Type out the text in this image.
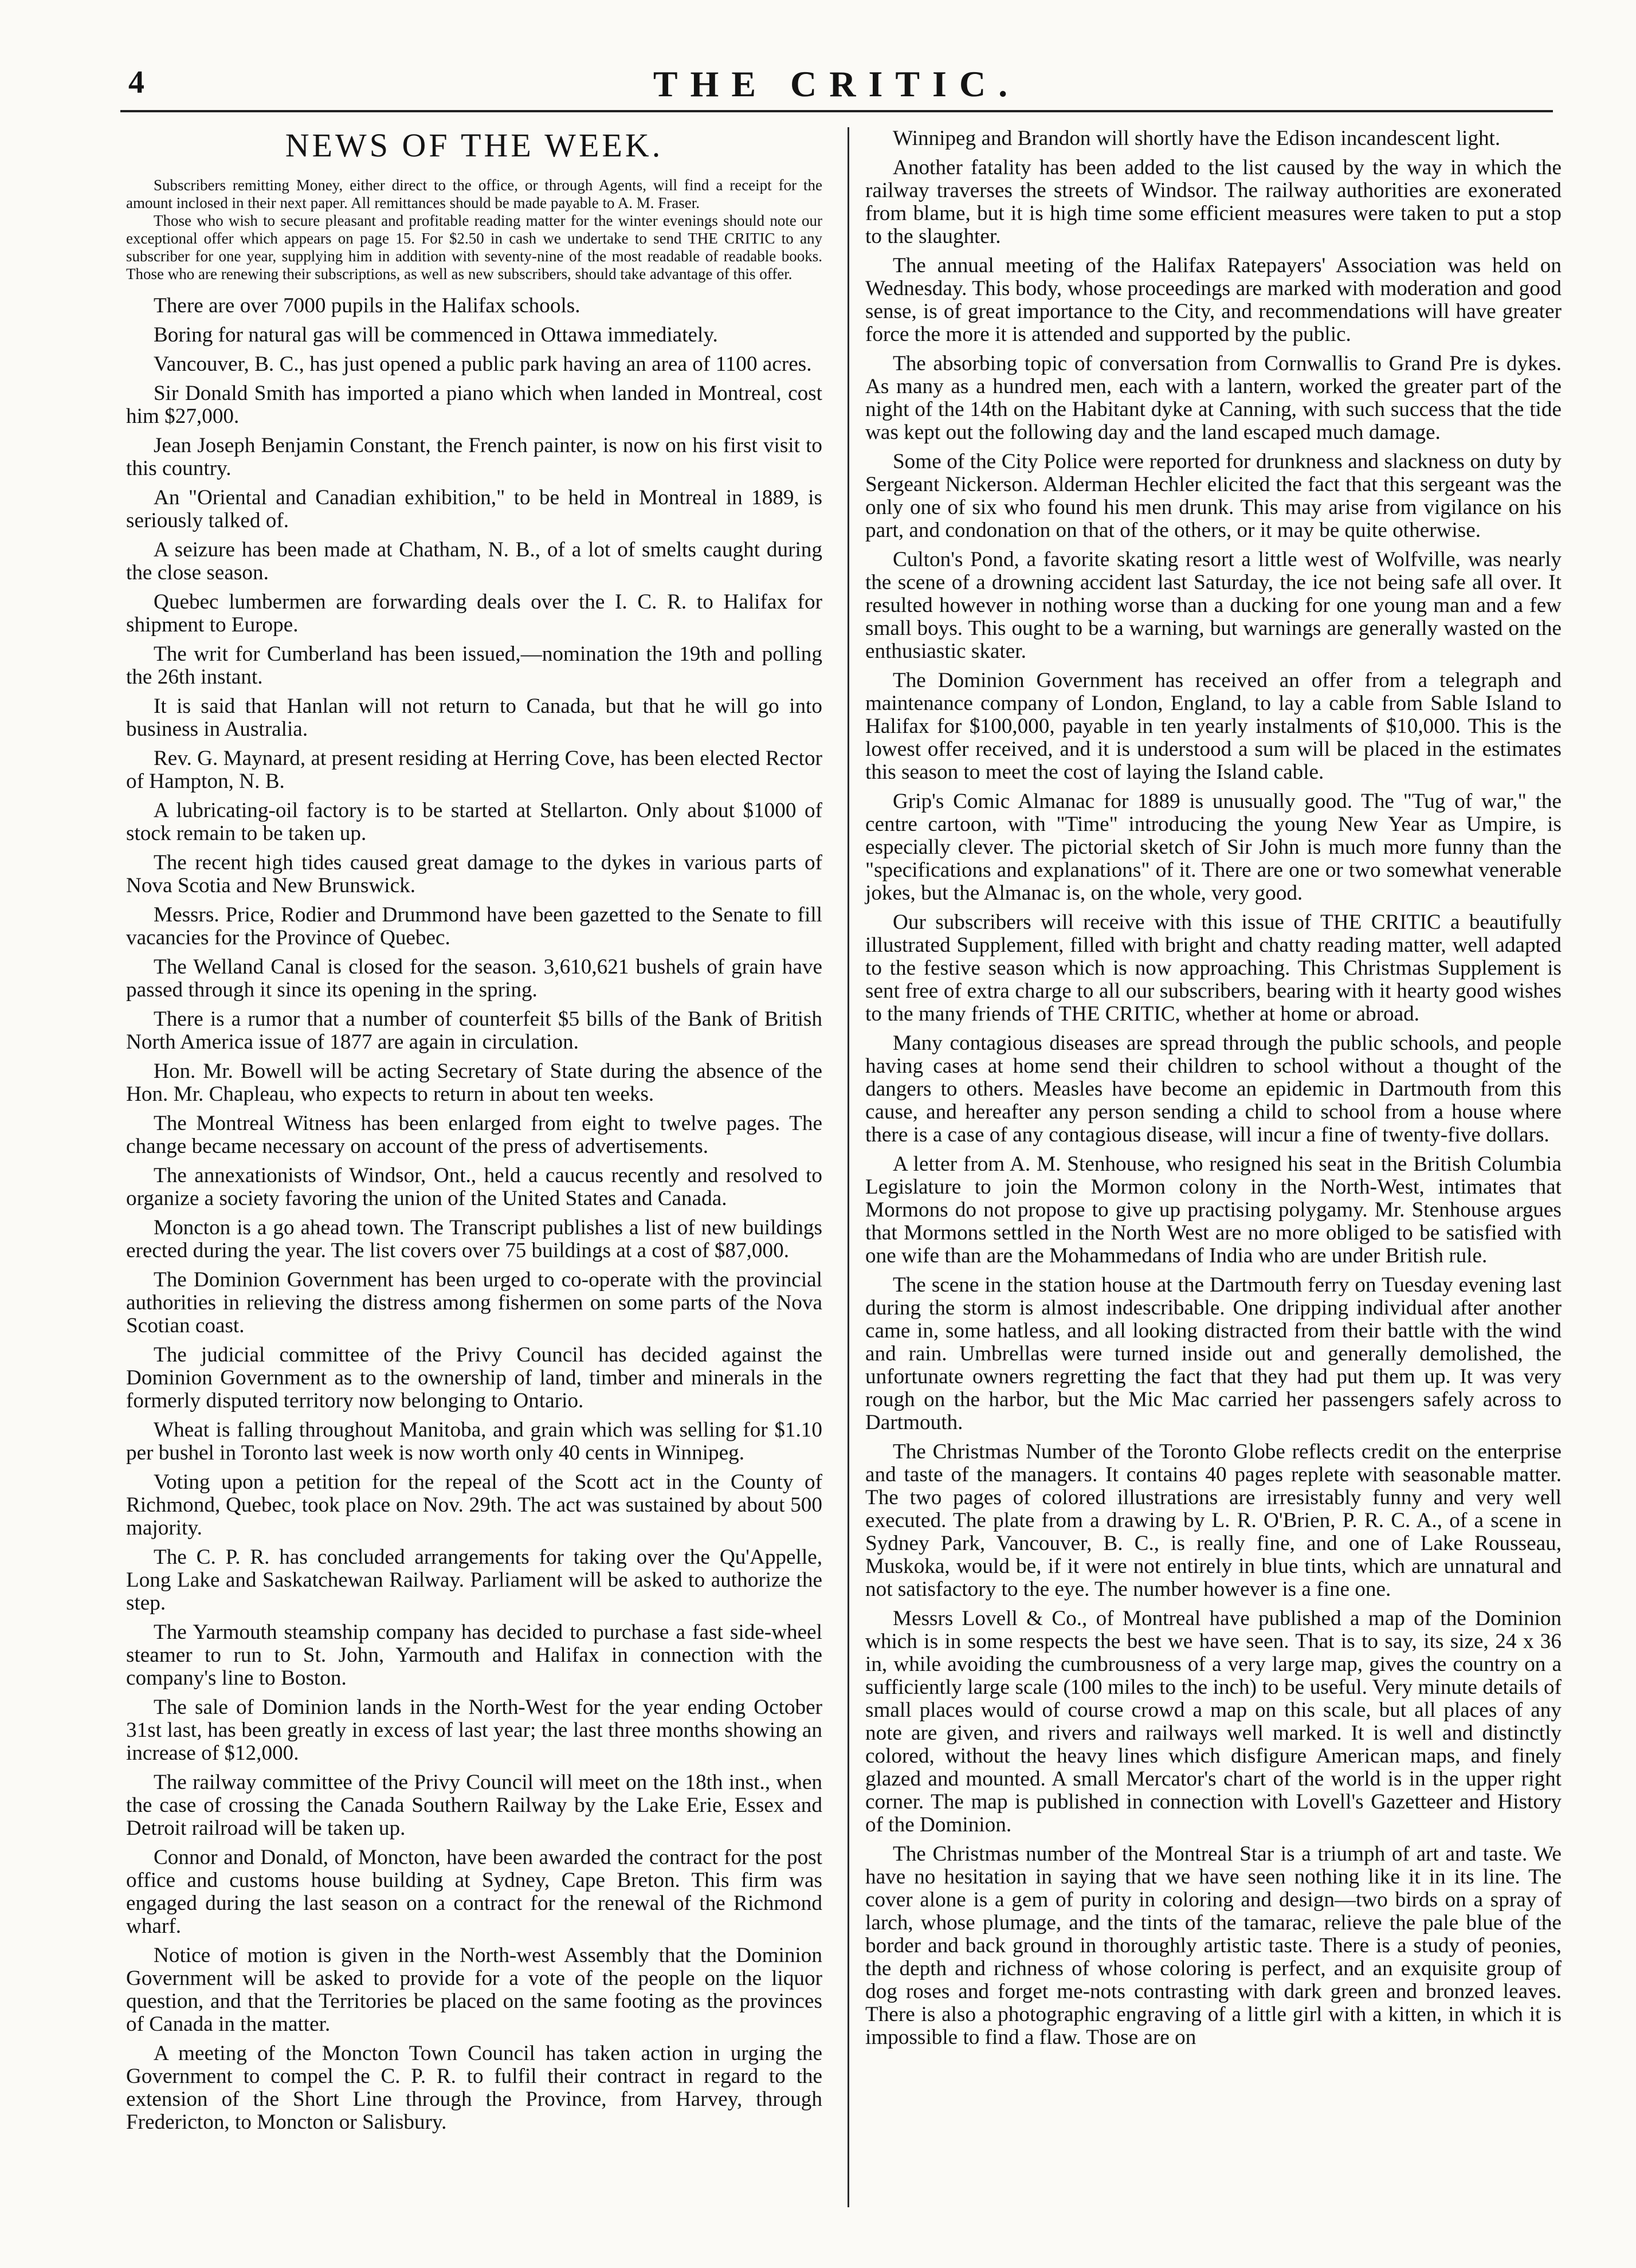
4	THE CRITIC.
NEWS OF THE WEEK.

Subscribers remitting Money, either direct to the office, or through Agents, will find a receipt for the amount inclosed in their next paper. All remittances should be made payable to A. M. Fraser.

Those who wish to secure pleasant and profitable reading matter for the winter evenings should note our exceptional offer which appears on page 15. For $2.50 in cash we undertake to send THE CRITIC to any subscriber for one year, supplying him in addition with seventy-nine of the most readable of readable books. Those who are renewing their subscriptions, as well as new subscribers, should take advantage of this offer.

There are over 7000 pupils in the Halifax schools.

Boring for natural gas will be commenced in Ottawa immediately.

Vancouver, B. C., has just opened a public park having an area of 1100 acres.

Sir Donald Smith has imported a piano which when landed in Montreal, cost him $27,000.

Jean Joseph Benjamin Constant, the French painter, is now on his first visit to this country.

An "Oriental and Canadian exhibition," to be held in Montreal in 1889, is seriously talked of.

A seizure has been made at Chatham, N. B., of a lot of smelts caught during the close season.

Quebec lumbermen are forwarding deals over the I. C. R. to Halifax for shipment to Europe.

The writ for Cumberland has been issued,—nomination the 19th and polling the 26th instant.

It is said that Hanlan will not return to Canada, but that he will go into business in Australia.

Rev. G. Maynard, at present residing at Herring Cove, has been elected Rector of Hampton, N. B.

A lubricating-oil factory is to be started at Stellarton. Only about $1000 of stock remain to be taken up.

The recent high tides caused great damage to the dykes in various parts of Nova Scotia and New Brunswick.

Messrs. Price, Rodier and Drummond have been gazetted to the Senate to fill vacancies for the Province of Quebec.

The Welland Canal is closed for the season. 3,610,621 bushels of grain have passed through it since its opening in the spring.

There is a rumor that a number of counterfeit $5 bills of the Bank of British North America issue of 1877 are again in circulation.

Hon. Mr. Bowell will be acting Secretary of State during the absence of the Hon. Mr. Chapleau, who expects to return in about ten weeks.

The Montreal Witness has been enlarged from eight to twelve pages. The change became necessary on account of the press of advertisements.

The annexationists of Windsor, Ont., held a caucus recently and resolved to organize a society favoring the union of the United States and Canada.

Moncton is a go ahead town. The Transcript publishes a list of new buildings erected during the year. The list covers over 75 buildings at a cost of $87,000.

The Dominion Government has been urged to co-operate with the provincial authorities in relieving the distress among fishermen on some parts of the Nova Scotian coast.

The judicial committee of the Privy Council has decided against the Dominion Government as to the ownership of land, timber and minerals in the formerly disputed territory now belonging to Ontario.

Wheat is falling throughout Manitoba, and grain which was selling for $1.10 per bushel in Toronto last week is now worth only 40 cents in Winnipeg.

Voting upon a petition for the repeal of the Scott act in the County of Richmond, Quebec, took place on Nov. 29th. The act was sustained by about 500 majority.

The C. P. R. has concluded arrangements for taking over the Qu'Appelle, Long Lake and Saskatchewan Railway. Parliament will be asked to authorize the step.

The Yarmouth steamship company has decided to purchase a fast side-wheel steamer to run to St. John, Yarmouth and Halifax in connection with the company's line to Boston.

The sale of Dominion lands in the North-West for the year ending October 31st last, has been greatly in excess of last year; the last three months showing an increase of $12,000.

The railway committee of the Privy Council will meet on the 18th inst., when the case of crossing the Canada Southern Railway by the Lake Erie, Essex and Detroit railroad will be taken up.

Connor and Donald, of Moncton, have been awarded the contract for the post office and customs house building at Sydney, Cape Breton. This firm was engaged during the last season on a contract for the renewal of the Richmond wharf.

Notice of motion is given in the North-west Assembly that the Dominion Government will be asked to provide for a vote of the people on the liquor question, and that the Territories be placed on the same footing as the provinces of Canada in the matter.

A meeting of the Moncton Town Council has taken action in urging the Government to compel the C. P. R. to fulfil their contract in regard to the extension of the Short Line through the Province, from Harvey, through Fredericton, to Moncton or Salisbury.

Winnipeg and Brandon will shortly have the Edison incandescent light.

Another fatality has been added to the list caused by the way in which the railway traverses the streets of Windsor. The railway authorities are exonerated from blame, but it is high time some efficient measures were taken to put a stop to the slaughter.

The annual meeting of the Halifax Ratepayers' Association was held on Wednesday. This body, whose proceedings are marked with moderation and good sense, is of great importance to the City, and recommendations will have greater force the more it is attended and supported by the public.

The absorbing topic of conversation from Cornwallis to Grand Pre is dykes. As many as a hundred men, each with a lantern, worked the greater part of the night of the 14th on the Habitant dyke at Canning, with such success that the tide was kept out the following day and the land escaped much damage.

Some of the City Police were reported for drunkness and slackness on duty by Sergeant Nickerson. Alderman Hechler elicited the fact that this sergeant was the only one of six who found his men drunk. This may arise from vigilance on his part, and condonation on that of the others, or it may be quite otherwise.

Culton's Pond, a favorite skating resort a little west of Wolfville, was nearly the scene of a drowning accident last Saturday, the ice not being safe all over. It resulted however in nothing worse than a ducking for one young man and a few small boys. This ought to be a warning, but warnings are generally wasted on the enthusiastic skater.

The Dominion Government has received an offer from a telegraph and maintenance company of London, England, to lay a cable from Sable Island to Halifax for $100,000, payable in ten yearly instalments of $10,000. This is the lowest offer received, and it is understood a sum will be placed in the estimates this season to meet the cost of laying the Island cable.

Grip's Comic Almanac for 1889 is unusually good. The "Tug of war," the centre cartoon, with "Time" introducing the young New Year as Umpire, is especially clever. The pictorial sketch of Sir John is much more funny than the "specifications and explanations" of it. There are one or two somewhat venerable jokes, but the Almanac is, on the whole, very good.

Our subscribers will receive with this issue of THE CRITIC a beautifully illustrated Supplement, filled with bright and chatty reading matter, well adapted to the festive season which is now approaching. This Christmas Supplement is sent free of extra charge to all our subscribers, bearing with it hearty good wishes to the many friends of THE CRITIC, whether at home or abroad.

Many contagious diseases are spread through the public schools, and people having cases at home send their children to school without a thought of the dangers to others. Measles have become an epidemic in Dartmouth from this cause, and hereafter any person sending a child to school from a house where there is a case of any contagious disease, will incur a fine of twenty-five dollars.

A letter from A. M. Stenhouse, who resigned his seat in the British Columbia Legislature to join the Mormon colony in the North-West, intimates that Mormons do not propose to give up practising polygamy. Mr. Stenhouse argues that Mormons settled in the North West are no more obliged to be satisfied with one wife than are the Mohammedans of India who are under British rule.

The scene in the station house at the Dartmouth ferry on Tuesday evening last during the storm is almost indescribable. One dripping individual after another came in, some hatless, and all looking distracted from their battle with the wind and rain. Umbrellas were turned inside out and generally demolished, the unfortunate owners regretting the fact that they had put them up. It was very rough on the harbor, but the Mic Mac carried her passengers safely across to Dartmouth.

The Christmas Number of the Toronto Globe reflects credit on the enterprise and taste of the managers. It contains 40 pages replete with seasonable matter. The two pages of colored illustrations are irresistably funny and very well executed. The plate from a drawing by L. R. O'Brien, P. R. C. A., of a scene in Sydney Park, Vancouver, B. C., is really fine, and one of Lake Rousseau, Muskoka, would be, if it were not entirely in blue tints, which are unnatural and not satisfactory to the eye. The number however is a fine one.

Messrs Lovell & Co., of Montreal have published a map of the Dominion which is in some respects the best we have seen. That is to say, its size, 24 x 36 in, while avoiding the cumbrousness of a very large map, gives the country on a sufficiently large scale (100 miles to the inch) to be useful. Very minute details of small places would of course crowd a map on this scale, but all places of any note are given, and rivers and railways well marked. It is well and distinctly colored, without the heavy lines which disfigure American maps, and finely glazed and mounted. A small Mercator's chart of the world is in the upper right corner. The map is published in connection with Lovell's Gazetteer and History of the Dominion.

The Christmas number of the Montreal Star is a triumph of art and taste. We have no hesitation in saying that we have seen nothing like it in its line. The cover alone is a gem of purity in coloring and design—two birds on a spray of larch, whose plumage, and the tints of the tamarac, relieve the pale blue of the border and back ground in thoroughly artistic taste. There is a study of peonies, the depth and richness of whose coloring is perfect, and an exquisite group of dog roses and forget me-nots contrasting with dark green and bronzed leaves. There is also a photographic engraving of a little girl with a kitten, in which it is impossible to find a flaw. Those are on
